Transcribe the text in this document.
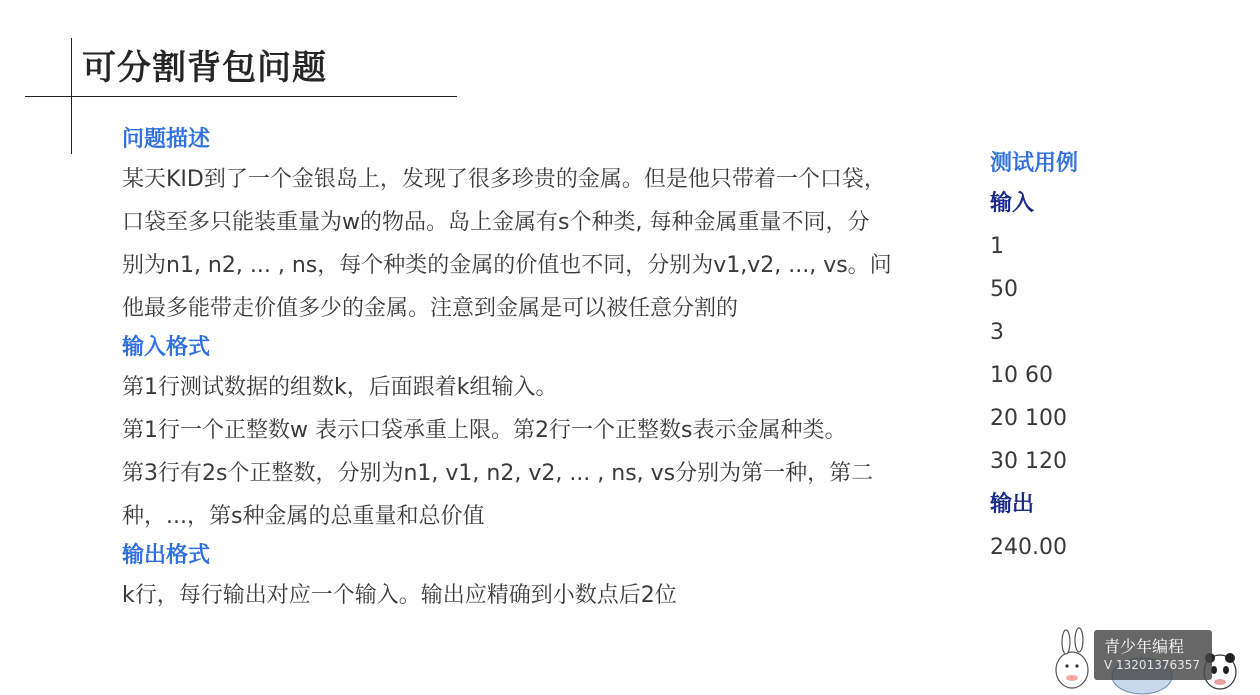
可分割背包问题
问题描述
某天KID到了一个金银岛上，发现了很多珍贵的金属。但是他只带着一个口袋，
口袋至多只能装重量为w的物品。岛上金属有s个种类, 每种金属重量不同，分
别为n1, n2, ... , ns，每个种类的金属的价值也不同，分别为v1,v2, ..., vs。问
他最多能带走价值多少的金属。注意到金属是可以被任意分割的
输入格式
第1行测试数据的组数k，后面跟着k组输入。
第1行一个正整数w 表示口袋承重上限。第2行一个正整数s表示金属种类。
第3行有2s个正整数，分别为n1, v1, n2, v2, ... , ns, vs分别为第一种，第二
种，...，第s种金属的总重量和总价值
输出格式
k行，每行输出对应一个输入。输出应精确到小数点后2位
测试用例
输入
1
50
3
10 60
20 100
30 120
输出
240.00
青少年编程
V 13201376357
